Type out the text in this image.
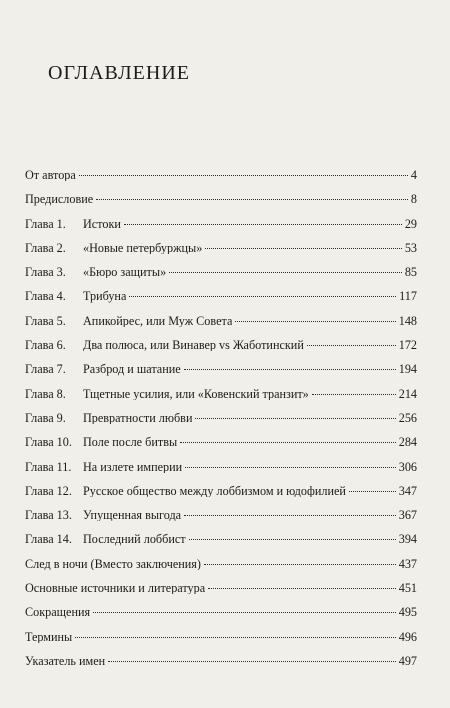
ОГЛАВЛЕНИЕ
От автора	4
Предисловие	8
Глава 1.	Истоки	29
Глава 2.	«Новые петербуржцы»	53
Глава 3.	«Бюро защиты»	85
Глава 4.	Трибуна	117
Глава 5.	Апикойрес, или Муж Совета	148
Глава 6.	Два полюса, или Винавер vs Жаботинский	172
Глава 7.	Разброд и шатание	194
Глава 8.	Тщетные усилия, или «Ковенский транзит»	214
Глава 9.	Превратности любви	256
Глава 10. Поле после битвы	284
Глава 11. На излете империи	306
Глава 12. Русское общество между лоббизмом и юдофилией	347
Глава 13. Упущенная выгода	367
Глава 14. Последний лоббист	394
След в ночи (Вместо заключения)	437
Основные источники и литература	451
Сокращения	495
Термины	496
Указатель имен	497
